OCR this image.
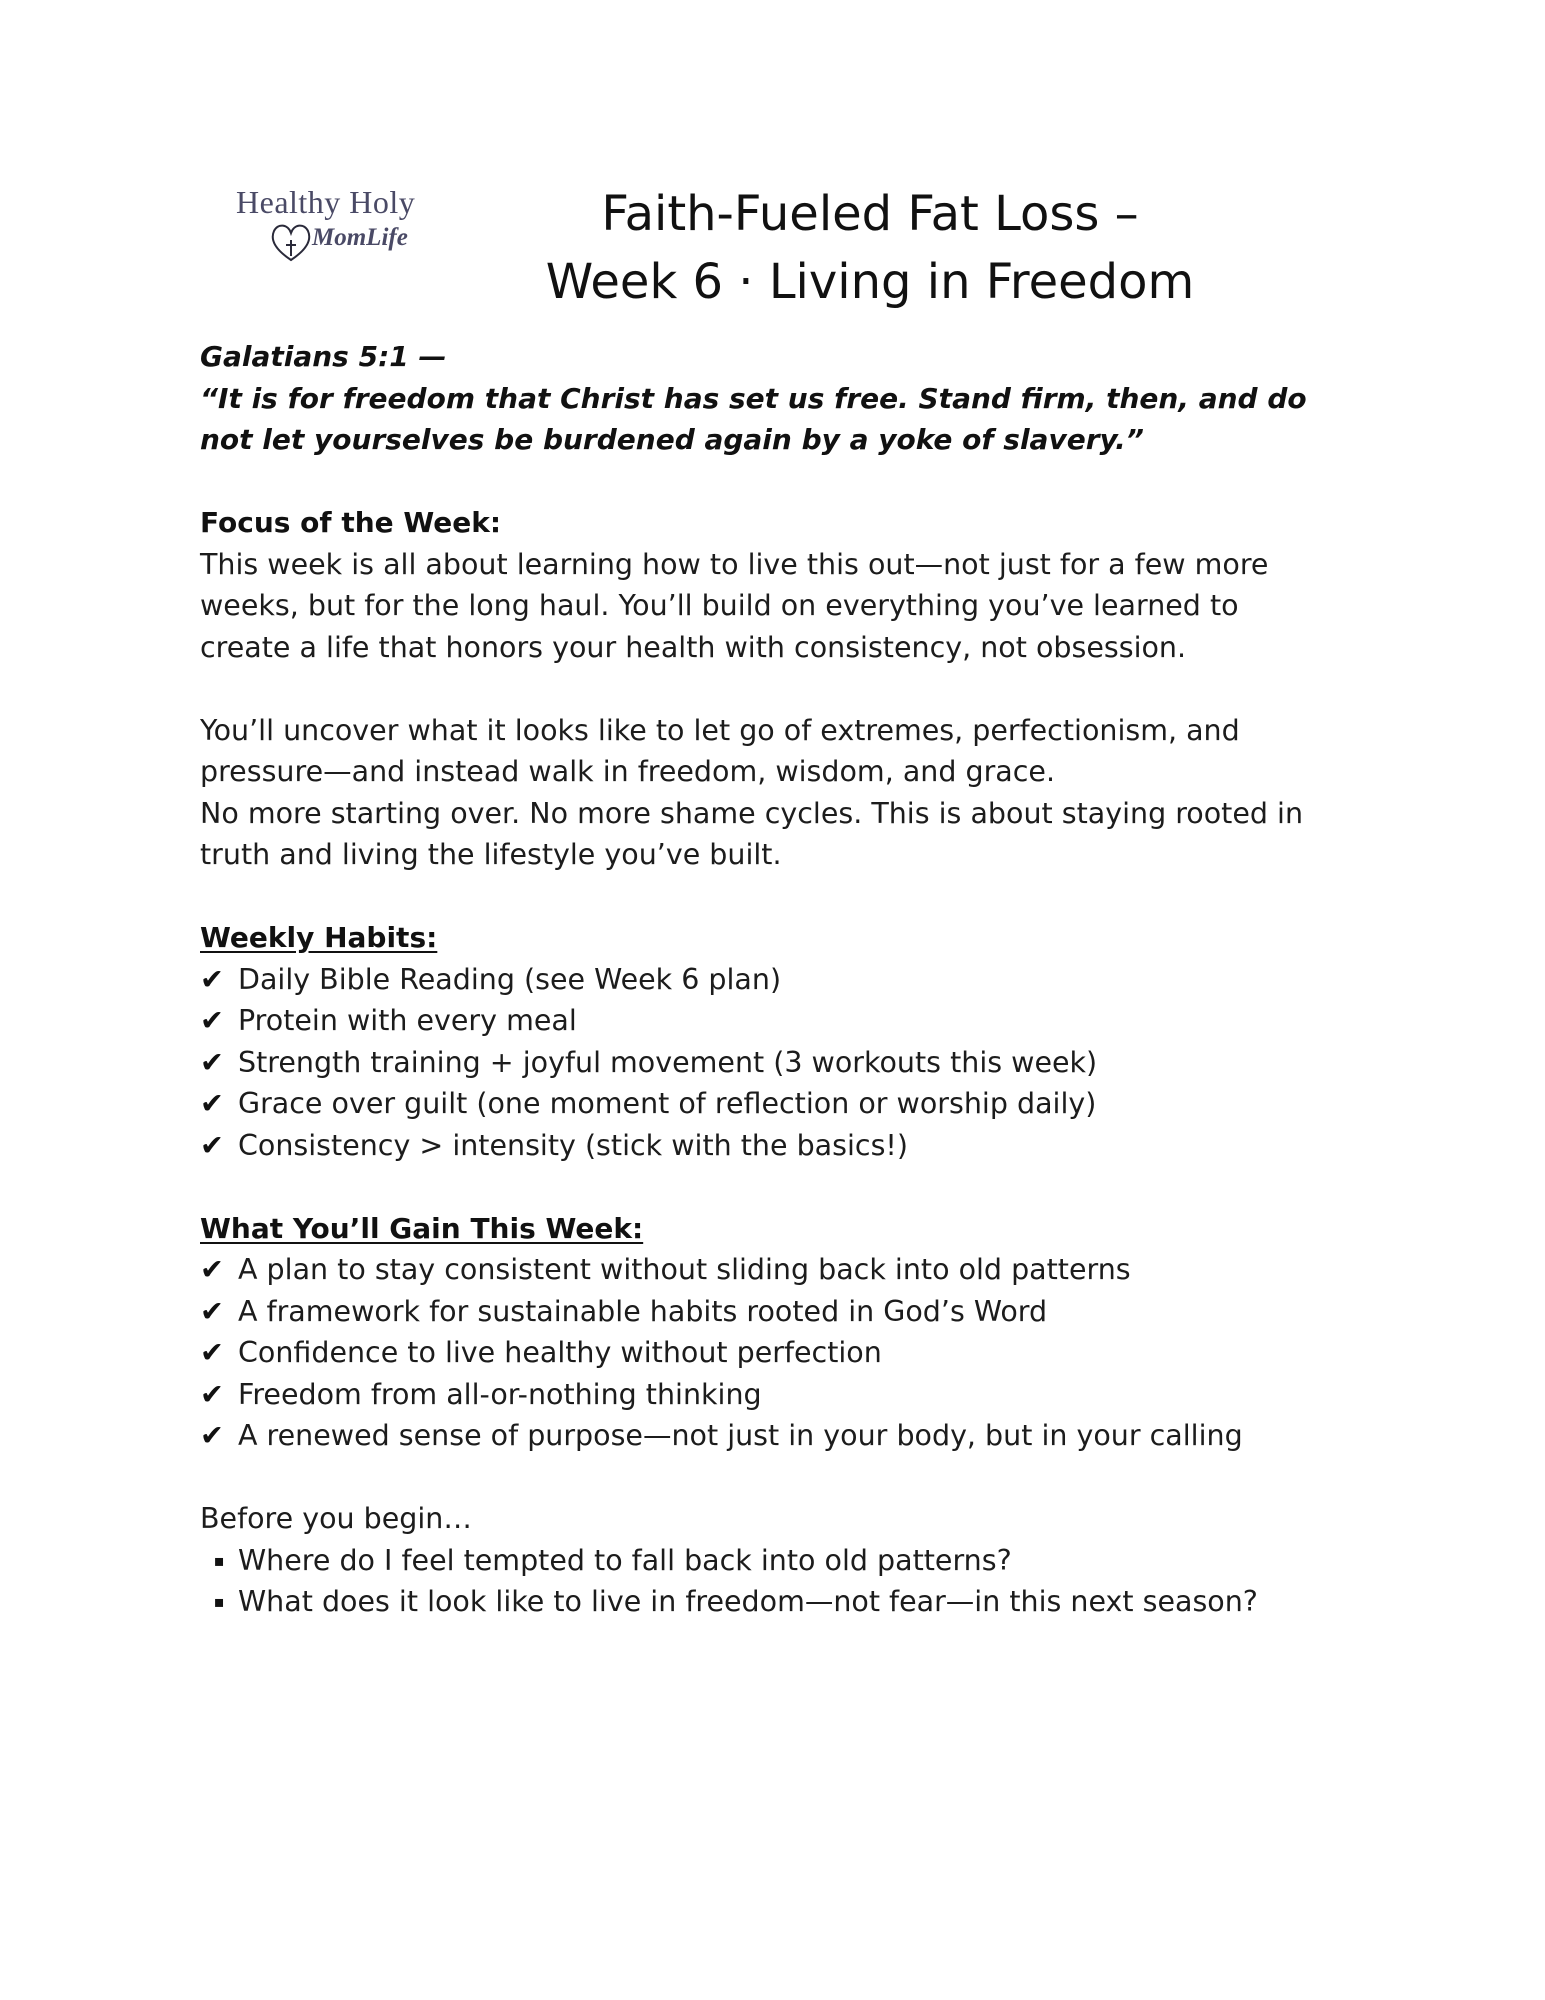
Healthy Holy
MomLife	Faith-Fueled Fat Loss –
Week 6 · Living in Freedom

Galatians 5:1 —

“It is for freedom that Christ has set us free. Stand firm, then, and do

not let yourselves be burdened again by a yoke of slavery.”

Focus of the Week:

This week is all about learning how to live this out—not just for a few more

weeks, but for the long haul. You’ll build on everything you’ve learned to

create a life that honors your health with consistency, not obsession.

You’ll uncover what it looks like to let go of extremes, perfectionism, and

pressure—and instead walk in freedom, wisdom, and grace.

No more starting over. No more shame cycles. This is about staying rooted in

truth and living the lifestyle you’ve built.

Weekly Habits:

✔ Daily Bible Reading (see Week 6 plan)
✔ Protein with every meal
✔ Strength training + joyful movement (3 workouts this week)
✔ Grace over guilt (one moment of reflection or worship daily)
✔ Consistency > intensity (stick with the basics!)

What You’ll Gain This Week:

✔ A plan to stay consistent without sliding back into old patterns
✔ A framework for sustainable habits rooted in God’s Word
✔ Confidence to live healthy without perfection
✔ Freedom from all-or-nothing thinking
✔ A renewed sense of purpose—not just in your body, but in your calling

Before you begin…

▪ Where do I feel tempted to fall back into old patterns?
▪ What does it look like to live in freedom—not fear—in this next season?
